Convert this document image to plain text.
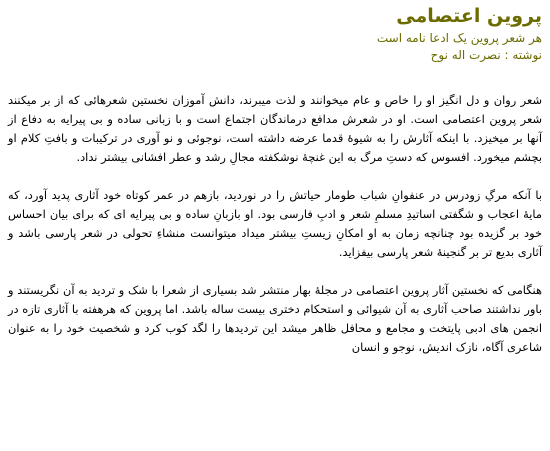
پروین اعتصامی
هر شعر پروین یک ادعا نامه است
نوشته : نصرت اله نوح

شعر روان و دل انگیز او را خاص و عام میخوانند و لذت میبرند، دانش آموزان نخستین شعرهائی که از بر میکنند شعر پروین اعتصامی است. او در شعرش مدافع درماندگان اجتماع است و با زبانی ساده و بی پیرایه به دفاع از آنها بر میخیزد. با اینکه آثارش را به شیوهٔ قدما عرضه داشته است، نوجوئی و نو آوری در ترکیبات و بافتِ کلام او بچشم میخورد. افسوس که دستِ مرگ به این غنچهٔ نوشکفته مجالِ رشد و عطر افشانی بیشتر نداد.

با آنکه مرگِ زودرس در عنفوانِ شباب طومار حیاتش را در نوردید، بازهم در عمر کوتاه خود آثاری پدید آورد، که مایهٔ اعجاب و شگفتی اساتیدِ مسلمِ شعر و ادبِ فارسی بود. او بازبانِ ساده و بی پیرایه ای که برای بیان احساس خود بر گزیده بود چنانچه زمان به او امکانِ زیستِ بیشتر میداد میتوانست منشاءِ تحولی در شعر پارسی باشد و آثاری بدیع تر بر گنجینهٔ شعر پارسی بیفزاید.

هنگامی که نخستین آثار پروین اعتصامی در مجلهٔ بهار منتشر شد بسیاری از شعرا با شک و تردید به آن نگریستند و باور نداشتند صاحب آثاری به آن شیوائی و استحکام دختری بیست ساله باشد. اما پروین که هرهفته با آثاری تازه در انجمن های ادبی پایتخت و مجامع و محافل ظاهر میشد این تردیدها را لگد کوب کرد و شخصیت خود را به عنوان شاعری آگاه، نازک اندیش، نوجو و انسان
